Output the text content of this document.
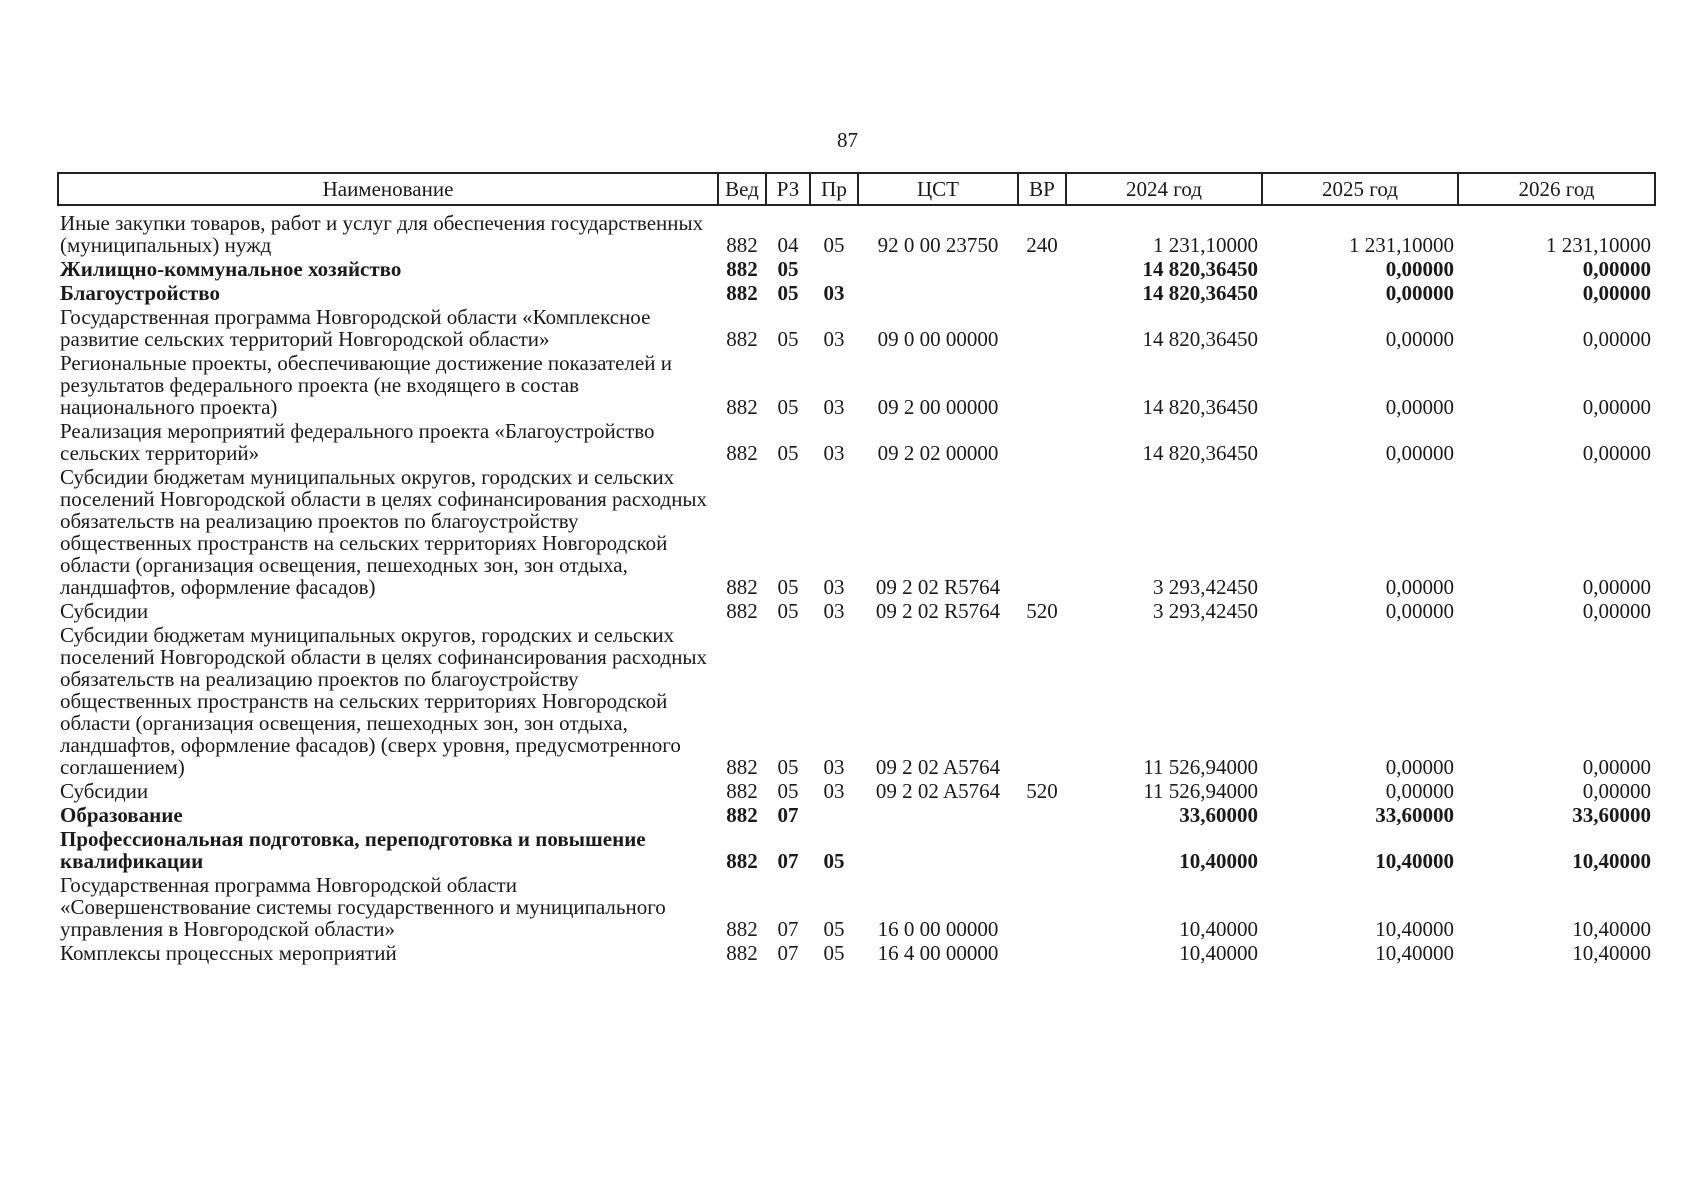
87
Наименование	Вед	РЗ	Пр	ЦСТ	ВР	2024 год	2025 год	2026 год
Иные закупки товаров, работ и услуг для обеспечения государственных (муниципальных) нужд	882	04	05	92 0 00 23750	240	1 231,10000	1 231,10000	1 231,10000
Жилищно-коммунальное хозяйство	882	05				14 820,36450	0,00000	0,00000
Благоустройство	882	05	03			14 820,36450	0,00000	0,00000
Государственная программа Новгородской области «Комплексное развитие сельских территорий Новгородской области»	882	05	03	09 0 00 00000		14 820,36450	0,00000	0,00000
Региональные проекты, обеспечивающие достижение показателей и результатов федерального проекта (не входящего в состав национального проекта)	882	05	03	09 2 00 00000		14 820,36450	0,00000	0,00000
Реализация мероприятий федерального проекта «Благоустройство сельских территорий»	882	05	03	09 2 02 00000		14 820,36450	0,00000	0,00000
Субсидии бюджетам муниципальных округов, городских и сельских поселений Новгородской области в целях софинансирования расходных обязательств на реализацию проектов по благоустройству общественных пространств на сельских территориях Новгородской области (организация освещения, пешеходных зон, зон отдыха, ландшафтов, оформление фасадов)	882	05	03	09 2 02 R5764		3 293,42450	0,00000	0,00000
Субсидии	882	05	03	09 2 02 R5764	520	3 293,42450	0,00000	0,00000
Субсидии бюджетам муниципальных округов, городских и сельских поселений Новгородской области в целях софинансирования расходных обязательств на реализацию проектов по благоустройству общественных пространств на сельских территориях Новгородской области (организация освещения, пешеходных зон, зон отдыха, ландшафтов, оформление фасадов) (сверх уровня, предусмотренного соглашением)	882	05	03	09 2 02 A5764		11 526,94000	0,00000	0,00000
Субсидии	882	05	03	09 2 02 A5764	520	11 526,94000	0,00000	0,00000
Образование	882	07				33,60000	33,60000	33,60000
Профессиональная подготовка, переподготовка и повышение квалификации	882	07	05			10,40000	10,40000	10,40000
Государственная программа Новгородской области «Совершенствование системы государственного и муниципального управления в Новгородской области»	882	07	05	16 0 00 00000		10,40000	10,40000	10,40000
Комплексы процессных мероприятий	882	07	05	16 4 00 00000		10,40000	10,40000	10,40000
